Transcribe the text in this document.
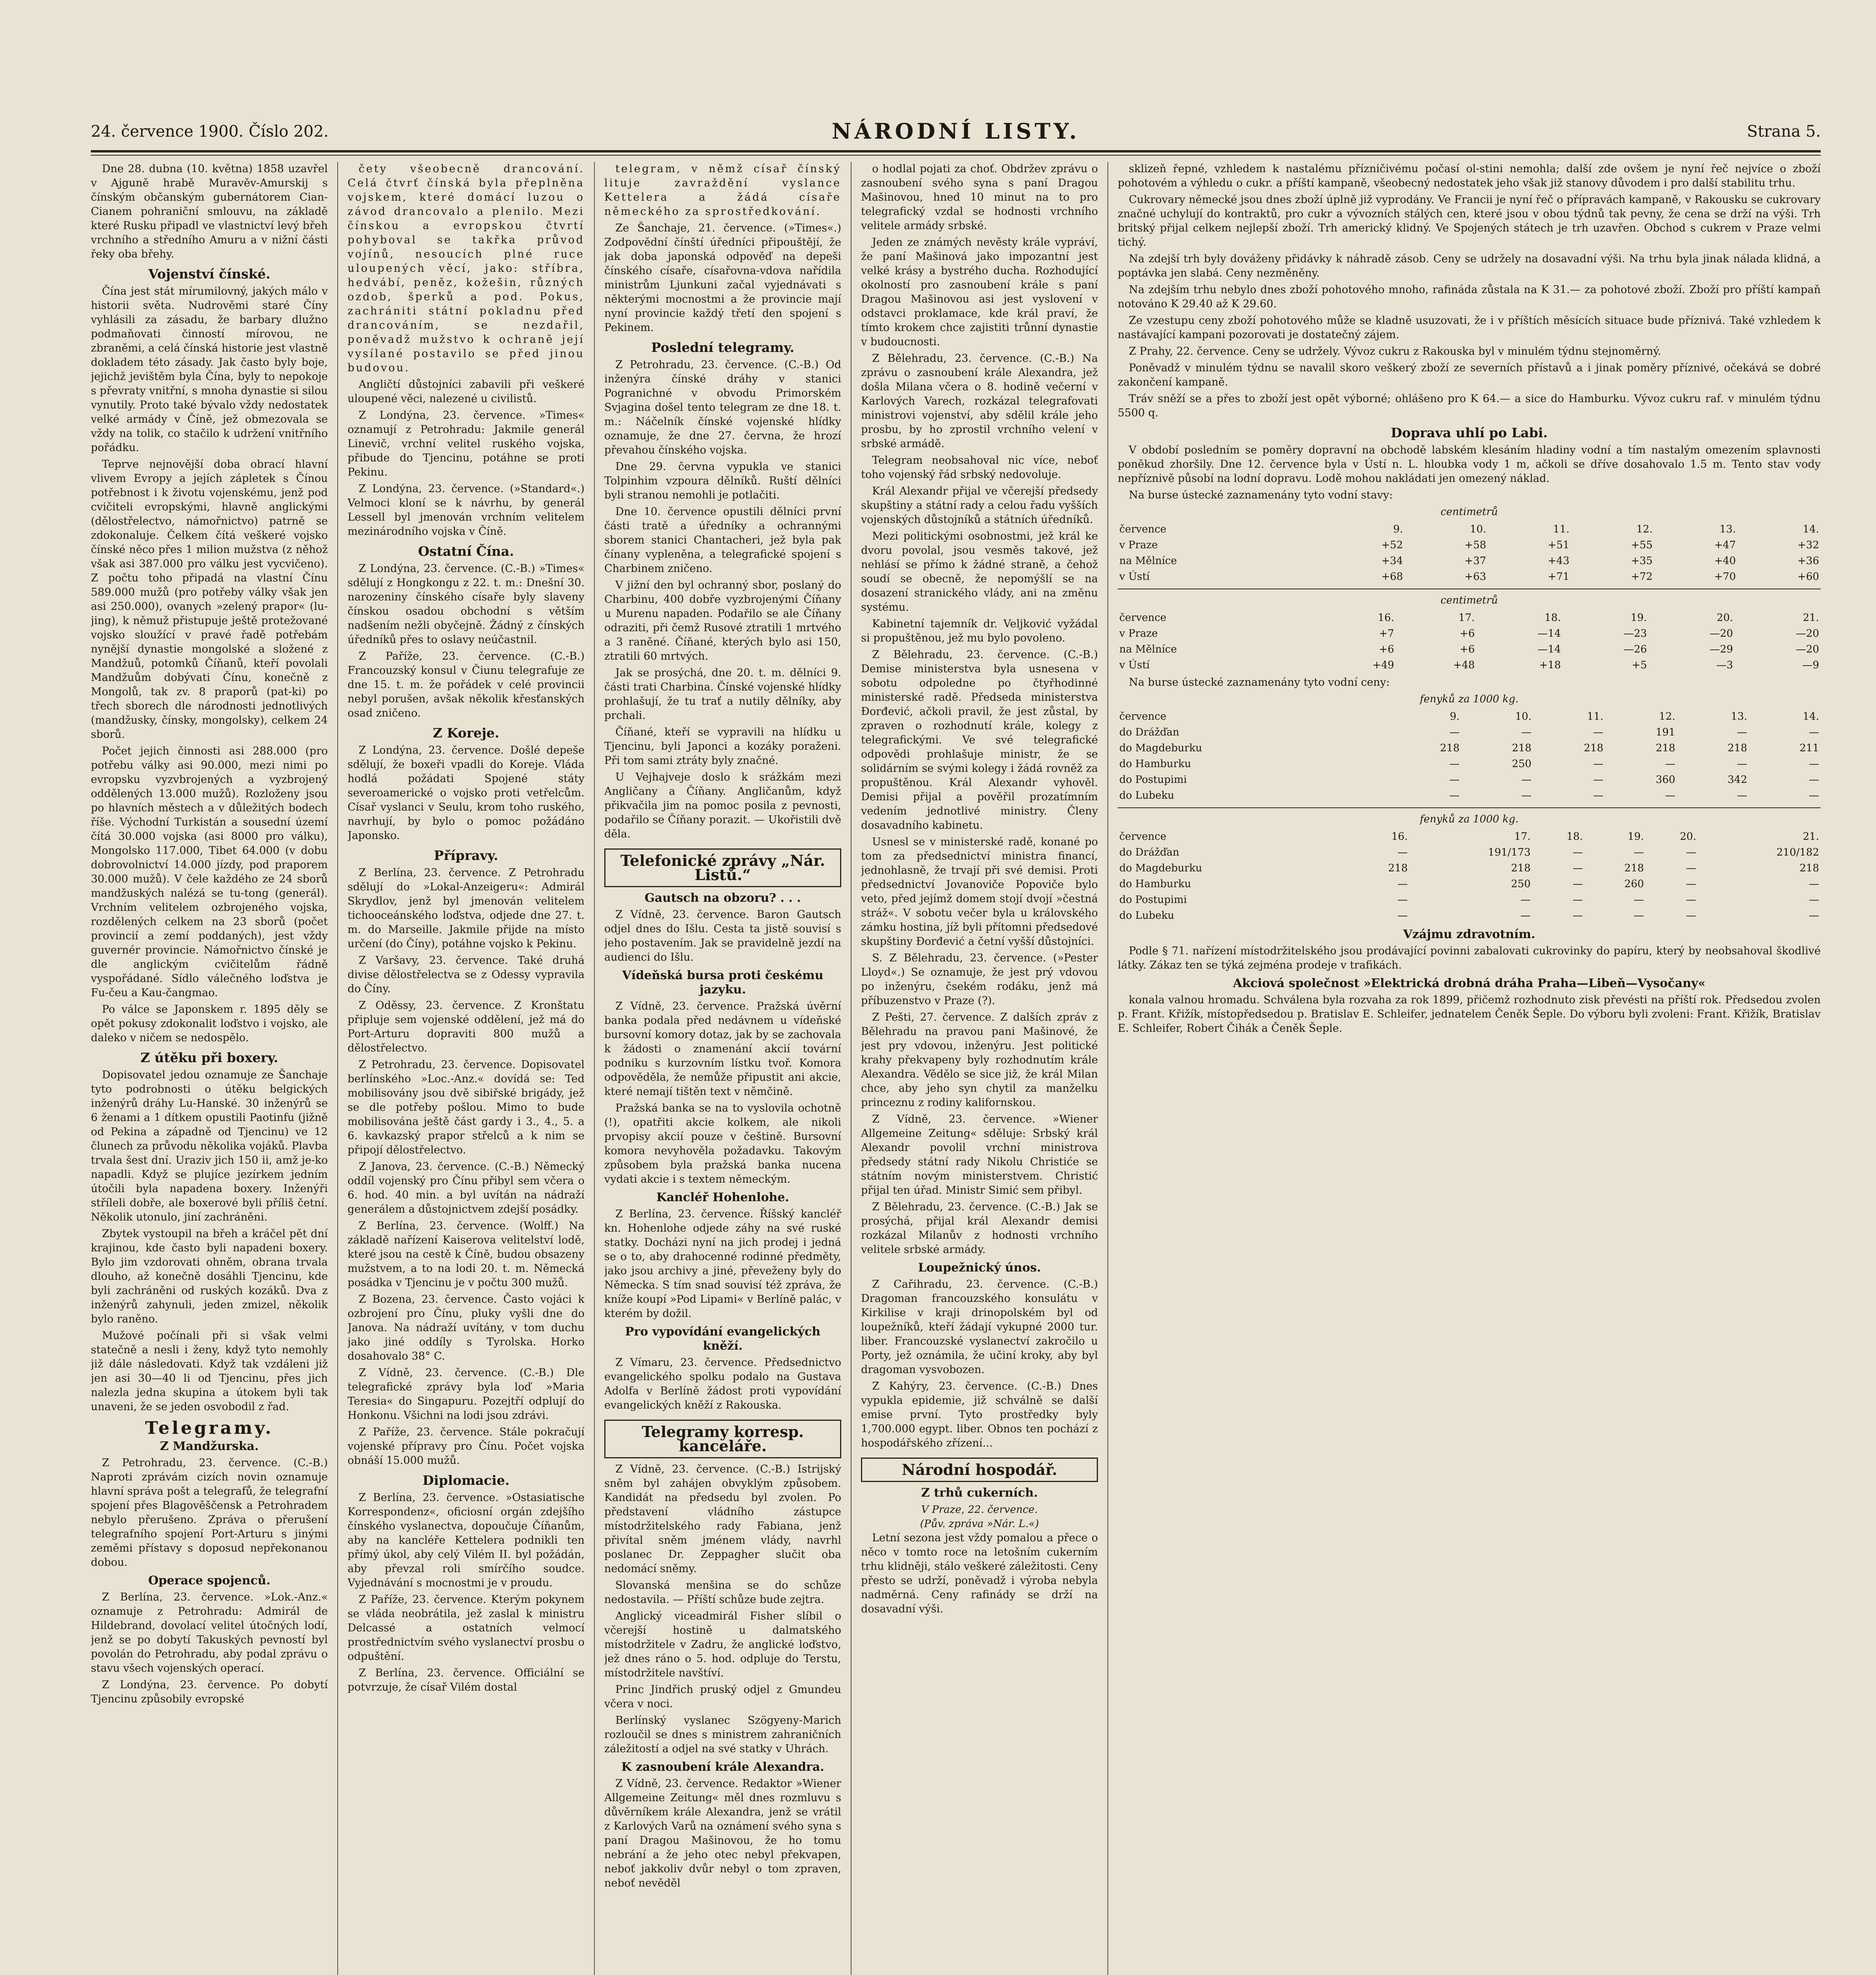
24. července 1900. Číslo 202.	NÁRODNÍ LISTY.	Strana 5.

Dne 28. dubna (10. května) 1858 uzavřel v Ajguně hrabě Muravěv-Amurskij s čínským občanským gubernátorem Cian-Cianem pohraniční smlouvu, na základě které Rusku připadl ve vlastnictví levý břeh vrchního a středního Amuru a v nižní části řeky oba břehy.

Vojenství čínské.

Čína jest stát mírumilovný, jakých málo v historii světa. Nudrověmi staré Číny vyhlásili za zásadu, že barbary dlužno podmaňovati činností mírovou, ne zbraněmi, a celá čínská historie jest vlastně dokladem této zásady. Jak často byly boje, jejichž jevištěm byla Čína, byly to nepokoje s převraty vnitřní, s mnoha dynastie si silou vynutily. Proto také bývalo vždy nedostatek velké armády v Číně, jež obmezovala se vždy na tolik, co stačilo k udržení vnitřního pořádku.

Teprve nejnovější doba obrací hlavní vlivem Evropy a jejích zápletek s Čínou potřebnost i k životu vojenskému, jenž pod cvičiteli evropskými, hlavně anglickými (dělostřelectvo, námořnictvo) patrně se zdokonaluje. Čelkem čítá veškeré vojsko čínské něco přes 1 milion mužstva (z něhož však asi 387.000 pro válku jest vycvičeno). Z počtu toho připadá na vlastní Čínu 589.000 mužů (pro potřeby války však jen asi 250.000), ovanych »zelený prapor« (lu-jing), k němuž přistupuje ještě protežované vojsko sloužící v pravé řadě potřebám nynější dynastie mongolské a složené z Mandžuů, potomků Číňanů, kteří povolali Mandžuům dobývati Čínu, konečně z Mongolů, tak zv. 8 praporů (pat-ki) po třech sborech dle národnosti jednotlivých (mandžusky, čínsky, mongolsky), celkem 24 sborů.

Počet jejich činnosti asi 288.000 (pro potřebu války asi 90.000, mezi nimi po evropsku vyzvbrojených a vyzbrojený oddělených 13.000 mužů). Rozloženy jsou po hlavních městech a v důležitých bodech říše. Východní Turkistán a sousední území čítá 30.000 vojska (asi 8000 pro válku), Mongolsko 117.000, Tibet 64.000 (v dobu dobrovolnictví 14.000 jízdy, pod praporem 30.000 mužů). V čele každého ze 24 sborů mandžuských nalézá se tu-tong (generál). Vrchním velitelem ozbrojeného vojska, rozdělených celkem na 23 sborů (počet provincií a zemí poddaných), jest vždy guvernér provincie. Námořnictvo čínské je dle anglickým cvičitelům řádně vyspořádané. Sídlo válečného loďstva je Fu-čeu a Kau-čangmao.

Po válce se Japonskem r. 1895 děly se opět pokusy zdokonalit loďstvo i vojsko, ale daleko v ničem se nedospělo.

Z útěku při boxery.

Dopisovatel jedou oznamuje ze Šanchaje tyto podrobnosti o útěku belgických inženýrů dráhy Lu-Hanské. 30 inženýrů se 6 ženami a 1 dítkem opustili Paotinfu (jižně od Pekina a západně od Tjencinu) ve 12 člunech za průvodu několika vojáků. Plavba trvala šest dní. Uraziv jich 150 ii, amž je-ko napadli. Když se plujíce jezírkem jedním útočili byla napadena boxery. Inženýři stříleli dobře, ale boxerové byli příliš četní. Několik utonulo, jiní zachráněni.

Zbytek vystoupil na břeh a kráčel pět dní krajinou, kde často byli napadeni boxery. Bylo jim vzdorovati ohněm, obrana trvala dlouho, až konečně dosáhli Tjencinu, kde byli zachráněni od ruských kozáků. Dva z inženýrů zahynuli, jeden zmizel, několik bylo raněno.

Mužové počínali při si však velmi statečně a nesli i ženy, když tyto nemohly již dále následovati. Když tak vzdáleni již jen asi 30—40 li od Tjencinu, přes jich nalezla jedna skupina a útokem byli tak unaveni, že se jeden osvobodil z řad.

Telegramy.
Z Mandžurska.

Z Petrohradu, 23. července. (C.-B.) Naproti zprávám cizích novin oznamuje hlavní správa pošt a telegrafů, že telegrafní spojení přes Blagověščensk a Petrohradem nebylo přerušeno. Zpráva o přerušení telegrafního spojení Port-Arturu s jinými zeměmi přístavy s doposud nepřekonanou dobou.

Operace spojenců.

Z Berlína, 23. července. »Lok.-Anz.« oznamuje z Petrohradu: Admirál de Hildebrand, dovolací velitel útočných lodí, jenž se po dobytí Takuských pevností byl povolán do Petrohradu, aby podal zprávu o stavu všech vojenských operací.

Z Londýna, 23. července. Po dobytí Tjencinu způsobily evropské

čety všeobecně drancování. Celá čtvrť čínská byla přeplněna vojskem, které domácí luzou o závod drancovalo a plenilo. Mezi čínskou a evropskou čtvrtí pohyboval se takřka průvod vojínů, nesoucích plné ruce uloupených věcí, jako: stříbra, hedvábí, peněz, kožešin, různých ozdob, šperků a pod. Pokus, zachrániti státní pokladnu před drancováním, se nezdařil, poněvadž mužstvo k ochraně její vysílané postavilo se před jinou budovou.

Angličtí důstojníci zabavili při veškeré uloupené věci, nalezené u civilistů.

Z Londýna, 23. července. »Times« oznamují z Petrohradu: Jakmile generál Linevič, vrchní velitel ruského vojska, přibude do Tjencinu, potáhne se proti Pekinu.

Z Londýna, 23. července. (»Standard«.) Velmoci kloní se k návrhu, by generál Lessell byl jmenován vrchním velitelem mezinárodního vojska v Číně.

Ostatní Čína.

Z Londýna, 23. července. (C.-B.) »Times« sdělují z Hongkongu z 22. t. m.: Dnešní 30. narozeniny čínského císaře byly slaveny čínskou osadou obchodní s větším nadšením nežli obyčejně. Žádný z čínských úředníků přes to oslavy neúčastnil.

Z Paříže, 23. července. (C.-B.) Francouzský konsul v Čiunu telegrafuje ze dne 15. t. m. že pořádek v celé provincii nebyl porušen, avšak několik křesťanských osad zničeno.

Z Koreje.

Z Londýna, 23. července. Došlé depeše sdělují, že boxeři vpadli do Koreje. Vláda hodlá požádati Spojené státy severoamerické o vojsko proti vetřelcům. Císař vyslanci v Seulu, krom toho ruského, navrhují, by bylo o pomoc požádáno Japonsko.

Přípravy.

Z Berlína, 23. července. Z Petrohradu sdělují do »Lokal-Anzeigeru«: Admirál Skrydlov, jenž byl jmenován velitelem tichooceánského loďstva, odjede dne 27. t. m. do Marseille. Jakmile přijde na místo určení (do Číny), potáhne vojsko k Pekinu.

Z Varšavy, 23. července. Také druhá divise dělostřelectva se z Odessy vypravila do Číny.

Z Oděssy, 23. července. Z Kronštatu připluje sem vojenské oddělení, jež má do Port-Arturu dopraviti 800 mužů a dělostřelectvo.

Z Petrohradu, 23. července. Dopisovatel berlínského »Loc.-Anz.« dovídá se: Ted mobilisovány jsou dvě sibiřské brigády, jež se dle potřeby pošlou. Mimo to bude mobilisována ještě část gardy i 3., 4., 5. a 6. kavkazský prapor střelců a k nim se připojí dělostřelectvo.

Z Janova, 23. července. (C.-B.) Německý oddíl vojenský pro Čínu přibyl sem včera o 6. hod. 40 min. a byl uvítán na nádraží generálem a důstojnictvem zdejší posádky.

Z Berlína, 23. července. (Wolff.) Na základě nařízení Kaiserova velitelství lodě, které jsou na cestě k Číně, budou obsazeny mužstvem, a to na lodi 20. t. m. Německá posádka v Tjencinu je v počtu 300 mužů.

Z Bozena, 23. července. Často vojáci k ozbrojení pro Čínu, pluky vyšli dne do Janova. Na nádraží uvítány, v tom duchu jako jiné oddíly s Tyrolska. Horko dosahovalo 38° C.

Z Vídně, 23. července. (C.-B.) Dle telegrafické zprávy byla loď »Maria Teresia« do Singapuru. Pozejtří odplují do Honkonu. Všichni na lodi jsou zdrávi.

Z Paříže, 23. července. Stále pokračují vojenské přípravy pro Čínu. Počet vojska obnáší 15.000 mužů.

Diplomacie.

Z Berlína, 23. července. »Ostasiatische Korrespondenz«, oficiosní orgán zdejšího čínského vyslanectva, dopoučuje Číňanům, aby na kancléře Kettelera podnikli ten přímý úkol, aby celý Vilém II. byl požádán, aby převzal roli smírčího soudce. Vyjednávání s mocnostmi je v proudu.

Z Paříže, 23. července. Kterým pokynem se vláda neobrátila, jež zaslal k ministru Delcassé a ostatních velmocí prostřednictvím svého vyslanectví prosbu o odpuštění.

Z Berlína, 23. července. Officiální se potvrzuje, že císař Vilém dostal

telegram, v němž císař čínský lituje zavraždění vyslance Kettelera a žádá císaře německého za sprostředkování.

Ze Šanchaje, 21. července. (»Times«.) Zodpovědní čínští úředníci připouštějí, že jak doba japonská odpověď na depeši čínského císaře, císařovna-vdova nařídila ministrům Ljunkuni začal vyjednávati s některými mocnostmi a že provincie mají nyní provincie každý třetí den spojení s Pekinem.

Poslední telegramy.

Z Petrohradu, 23. července. (C.-B.) Od inženýra čínské dráhy v stanici Pogranichné v obvodu Primorském Svjagina došel tento telegram ze dne 18. t. m.: Náčelník čínské vojenské hlídky oznamuje, že dne 27. června, že hrozí převahou čínského vojska.

Dne 29. června vypukla ve stanici Tolpinhim vzpoura dělníků. Ruští dělníci byli stranou nemohli je potlačiti.

Dne 10. července opustili dělníci první části tratě a úředníky a ochrannými sborem stanici Chantacheri, jež byla pak čínany vypleněna, a telegrafické spojení s Charbinem zničeno.

V jižní den byl ochranný sbor, poslaný do Charbinu, 400 dobře vyzbrojenými Číňany u Murenu napaden. Podařilo se ale Číňany odraziti, při čemž Rusové ztratili 1 mrtvého a 3 raněné. Číňané, kterých bylo asi 150, ztratili 60 mrtvých.

Jak se prosýchá, dne 20. t. m. dělníci 9. části trati Charbina. Čínské vojenské hlídky prohlašují, že tu trať a nutily dělníky, aby prchali.

Číňané, kteří se vypravili na hlídku u Tjencinu, byli Japonci a kozáky poraženi. Při tom sami ztráty byly značné.

U Vejhajveje doslo k srážkám mezi Angličany a Číňany. Angličanům, když přikvačila jim na pomoc posila z pevnosti, podařilo se Číňany porazit. — Ukořistili dvě děla.

Telefonické zprávy „Nár. Listů.“
Gautsch na obzoru? . . .

Z Vídně, 23. července. Baron Gautsch odjel dnes do Išlu. Cesta ta jistě souvisí s jeho postavením. Jak se pravidelně jezdí na audienci do Išlu.

Vídeňská bursa proti českému jazyku.

Z Vídně, 23. července. Pražská úvěrní banka podala před nedávnem u vídeňské bursovní komory dotaz, jak by se zachovala k žádosti o znamenání akcií tovární podniku s kurzovním lístku tvoř. Komora odpověděla, že nemůže připustit ani akcie, které nemají tištěn text v němčině.

Pražská banka se na to vyslovila ochotně (!), opatřiti akcie kolkem, ale nikoli prvopisy akcií pouze v češtině. Bursovní komora nevyhověla požadavku. Takovým způsobem byla pražská banka nucena vydati akcie i s textem německým.

Kancléř Hohenlohe.

Z Berlína, 23. července. Říšský kancléř kn. Hohenlohe odjede záhy na své ruské statky. Docházi nyní na jich prodej i jedná se o to, aby drahocenné rodinné předměty, jako jsou archivy a jiné, převeženy byly do Německa. S tím snad souvisí též zpráva, že kníže koupí »Pod Lipami« v Berlíně palác, v kterém by dožil.

Pro vypovídání evangelických kněží.

Z Vímaru, 23. července. Předsednictvo evangelického spolku podalo na Gustava Adolfa v Berlíně žádost proti vypovídání evangelických kněží z Rakouska.

Telegramy korresp. kanceláře.

Z Vídně, 23. července. (C.-B.) Istrijský sněm byl zahájen obvyklým způsobem. Kandidát na předsedu byl zvolen. Po představení vládního zástupce místodržitelského rady Fabiana, jenž přivítal sněm jménem vlády, navrhl poslanec Dr. Zeppagher slučit oba nedomácí sněmy.

Slovanská menšina se do schůze nedostavila. — Příští schůze bude zejtra.

Anglický viceadmirál Fisher slíbil o včerejší hostině u dalmatského místodržitele v Zadru, že anglické loďstvo, jež dnes ráno o 5. hod. odpluje do Terstu, místodržitele navštíví.

Princ Jindřich pruský odjel z Gmundeu včera v noci.

Berlínský vyslanec Szögyeny-Marich rozloučil se dnes s ministrem zahraničních záležitostí a odjel na své statky v Uhrách.

K zasnoubení krále Alexandra.

Z Vídně, 23. července. Redaktor »Wiener Allgemeine Zeitung« měl dnes rozmluvu s důvěrníkem krále Alexandra, jenž se vrátil z Karlových Varů na oznámení svého syna s paní Dragou Mašinovou, že ho tomu nebrání a že jeho otec nebyl překvapen, neboť jakkoliv dvůr nebyl o tom zpraven, neboť nevěděl

o hodlal pojati za choť. Obdržev zprávu o zasnoubení svého syna s paní Dragou Mašinovou, hned 10 minut na to pro telegrafický vzdal se hodnosti vrchního velitele armády srbské.

Jeden ze známých nevěsty krále vypráví, že paní Mašinová jako impozantní jest velké krásy a bystrého ducha. Rozhodující okolností pro zasnoubení krále s paní Dragou Mašinovou asi jest vyslovení v odstavci proklamace, kde král praví, že tímto krokem chce zajistiti trůnní dynastie v budoucnosti.

Z Bělehradu, 23. července. (C.-B.) Na zprávu o zasnoubení krále Alexandra, jež došla Milana včera o 8. hodině večerní v Karlových Varech, rozkázal telegrafovati ministrovi vojenství, aby sdělil krále jeho prosbu, by ho zprostil vrchního velení v srbské armádě.

Telegram neobsahoval nic více, neboť toho vojenský řád srbský nedovoluje.

Král Alexandr přijal ve včerejší předsedy skupštiny a státní rady a celou řadu vyšších vojenských důstojníků a státních úředníků.

Mezi politickými osobnostmi, jež král ke dvoru povolal, jsou vesměs takové, jež nehlásí se přímo k žádné straně, a čehož soudí se obecně, že nepomýšlí se na dosazení stranického vlády, ani na změnu systému.

Kabinetní tajemník dr. Veljković vyžádal si propuštěnou, jež mu bylo povoleno.

Z Bělehradu, 23. července. (C.-B.) Demise ministerstva byla usnesena v sobotu odpoledne po čtyřhodinné ministerské radě. Předseda ministerstva Đorđević, ačkoli pravil, že jest zůstal, by zpraven o rozhodnutí krále, kolegy z telegrafickými. Ve své telegrafické odpovědi prohlašuje ministr, že se solidárním se svými kolegy i žádá rovněž za propuštěnou. Král Alexandr vyhověl. Demisi přijal a pověřil prozatímním vedením jednotlivé ministry. Členy dosavadního kabinetu.

Usnesl se v ministerské radě, konané po tom za předsednictví ministra financí, jednohlasně, že trvají při své demisi. Proti předsednictví Jovanoviče Popoviče bylo veto, před jejímž domem stojí dvojí »čestná stráž«. V sobotu večer byla u královského zámku hostina, jíž byli přítomni předsedové skupštiny Đorđević a četní vyšší důstojníci.

S. Z Bělehradu, 23. července. (»Pester Lloyd«.) Se oznamuje, že jest prý vdovou po inženýru, čsekém rodáku, jenž má příbuzenstvo v Praze (?).

Z Pešti, 27. července. Z dalších zpráv z Bělehradu na pravou pani Mašinové, že jest pry vdovou, inženýru. Jest politické krahy překvapeny byly rozhodnutím krále Alexandra. Vědělo se sice již, že král Milan chce, aby jeho syn chytil za manželku princeznu z rodiny kalifornskou.

Z Vídně, 23. července. »Wiener Allgemeine Zeitung« sděluje: Srbský král Alexandr povolil vrchní ministrova předsedy státní rady Nikolu Christiće se státním novým ministerstvem. Christić přijal ten úřad. Ministr Simić sem přibyl.

Z Bělehradu, 23. července. (C.-B.) Jak se prosýchá, přijal král Alexandr demisi rozkázal Milanův z hodnosti vrchního velitele srbské armády.

Loupežnický únos.

Z Cařihradu, 23. července. (C.-B.) Dragoman francouzského konsulátu v Kirkilise v kraji drinopolském byl od loupežníků, kteří žádají vykupné 2000 tur. liber. Francouzské vyslanectví zakročilo u Porty, jež oznámila, že učiní kroky, aby byl dragoman vysvobozen.

Z Kahýry, 23. července. (C.-B.) Dnes vypukla epidemie, již schválně se další emise první. Tyto prostředky byly 1,700.000 egypt. liber. Obnos ten pochází z hospodářského zřízení...

Národní hospodář.
Z trhů cukerních.
V Praze, 22. července.
(Pův. zpráva »Nár. L.«)

Letní sezona jest vždy pomalou a přece o něco v tomto roce na letošním cukerním trhu klidněji, stálo veškeré záležitosti. Ceny přesto se udrží, poněvadž i výroba nebyla nadměrná. Ceny rafinády se drží na dosavadní výši.

sklizeň řepné, vzhledem k nastalému přízničivému počasí ol-stini nemohla; další zde ovšem je nyní řeč nejvíce o zboží pohotovém a výhledu o cukr. a příští kampaně, všeobecný nedostatek jeho však již stanovy důvodem i pro další stabilitu trhu.

Cukrovary německé jsou dnes zboží úplně již vyprodány. Ve Francii je nyní řeč o přípravách kampaně, v Rakousku se cukrovary značné uchylují do kontraktů, pro cukr a vývozních stálých cen, které jsou v obou týdnů tak pevny, že cena se drží na výši. Trh britský přijal celkem nejlepší zboží. Trh americký klidný. Ve Spojených státech je trh uzavřen. Obchod s cukrem v Praze velmi tichý.

Na zdejší trh byly dováženy přidávky k náhradě zásob. Ceny se udržely na dosavadní výši. Na trhu byla jinak nálada klidná, a poptávka jen slabá. Ceny nezměněny.

Na zdejším trhu nebylo dnes zboží pohotového mnoho, rafináda zůstala na K 31.— za pohotové zboží. Zboží pro příští kampaň notováno K 29.40 až K 29.60.

Ze vzestupu ceny zboží pohotového může se kladně usuzovati, že i v příštích měsících situace bude příznivá. Také vzhledem k nastávající kampani pozorovati je dostatečný zájem.

Z Prahy, 22. července. Ceny se udržely. Vývoz cukru z Rakouska byl v minulém týdnu stejnoměrný.

Poněvadž v minulém týdnu se navalil skoro veškerý zboží ze severních přístavů a i jinak poměry příznivé, očekává se dobré zakončení kampaně.

Tráv sněží se a přes to zboží jest opět výborné; ohlášeno pro K 64.— a sice do Hamburku. Vývoz cukru raf. v minulém týdnu 5500 q.

Doprava uhlí po Labi.

V období posledním se poměry dopravní na obchodě labském klesáním hladiny vodní a tím nastalým omezením splavnosti poněkud zhoršily. Dne 12. července byla v Ústí n. L. hloubka vody 1 m, ačkoli se dříve dosahovalo 1.5 m. Tento stav vody nepříznivě působí na lodní dopravu. Lodě mohou nakládati jen omezený náklad.

Na burse ústecké zaznamenány tyto vodní stavy:

centimetrů
července	9.	10.	11.	12.	13.	14.
v Praze	+52	+58	+51	+55	+47	+32
na Mělníce	+34	+37	+43	+35	+40	+36
v Ústí	+68	+63	+71	+72	+70	+60
centimetrů
července	16.	17.	18.	19.	20.	21.
v Praze	+7	+6	—14	—23	—20	—20
na Mělníce	+6	+6	—14	—26	—29	—20
v Ústí	+49	+48	+18	+5	—3	—9

Na burse ústecké zaznamenány tyto vodní ceny:

fenyků za 1000 kg.
července	9.	10.	11.	12.	13.	14.
do Drážďan	—	—	—	191	—	—
do Magdeburku	218	218	218	218	218	211
do Hamburku	—	250	—	—	—	—
do Postupimi	—	—	—	360	342	—
do Lubeku	—	—	—	—	—	—
fenyků za 1000 kg.
července	16.	17.	18.	19.	20.	21.
do Drážďan	—	191/173	—	—	—	210/182
do Magdeburku	218	218	—	218	—	218
do Hamburku	—	250	—	260	—	—
do Postupimi	—	—	—	—	—	—
do Lubeku	—	—	—	—	—	—
Vzájmu zdravotním.

Podle § 71. nařízení místodržitelského jsou prodávající povinni zabalovati cukrovinky do papíru, který by neobsahoval škodlivé látky. Zákaz ten se týká zejména prodeje v trafikách.

Akciová společnost »Elektrická drobná dráha Praha—Libeň—Vysočany«

konala valnou hromadu. Schválena byla rozvaha za rok 1899, přičemž rozhodnuto zisk převésti na příští rok. Předsedou zvolen p. Frant. Křižík, místopředsedou p. Bratislav E. Schleifer, jednatelem Čeněk Šeple. Do výboru byli zvoleni: Frant. Křižík, Bratislav E. Schleifer, Robert Čihák a Čeněk Šeple.
